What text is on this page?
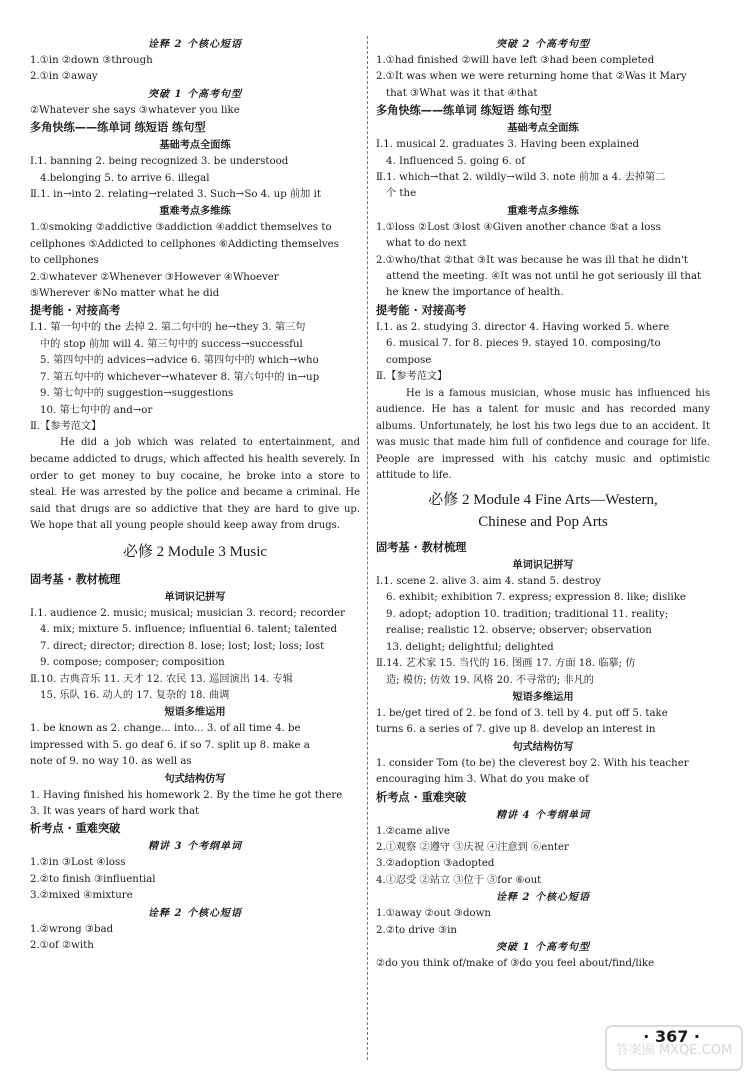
诠释 2 个核心短语
1.①in ②down ③through
2.①in ②away
突破 1 个高考句型
②Whatever she says ③whatever you like
多角快练——练单词 练短语 练句型
基础考点全面练
Ⅰ.1. banning 2. being recognized 3. be understood
4.belonging 5. to arrive 6. illegal
Ⅱ.1. in→into 2. relating→related 3. Such→So 4. up 前加 it
重难考点多维练
1.①smoking ②addictive ③addiction ④addict themselves to
cellphones ⑤Addicted to cellphones ⑥Addicting themselves
to cellphones
2.①whatever ②Whenever ③However ④Whoever
⑤Wherever ⑥No matter what he did
提考能 · 对接高考
Ⅰ.1. 第一句中的 the 去掉 2. 第二句中的 he→they 3. 第三句
中的 stop 前加 will 4. 第三句中的 success→successful
5. 第四句中的 advices→advice 6. 第四句中的 which→who
7. 第五句中的 whichever→whatever 8. 第六句中的 in→up
9. 第七句中的 suggestion→suggestions
10. 第七句中的 and→or
Ⅱ.【参考范文】
He did a job which was related to entertainment, and became addicted to drugs, which affected his health severely. In order to get money to buy cocaine, he broke into a store to steal. He was arrested by the police and became a criminal. He said that drugs are so addictive that they are hard to give up. We hope that all young people should keep away from drugs.
必修 2 Module 3 Music
固考基 · 教材梳理
单词识记拼写
Ⅰ.1. audience 2. music; musical; musician 3. record; recorder
4. mix; mixture 5. influence; influential 6. talent; talented
7. direct; director; direction 8. lose; lost; lost; loss; lost
9. compose; composer; composition
Ⅱ.10. 古典音乐 11. 天才 12. 农民 13. 巡回演出 14. 专辑
15. 乐队 16. 动人的 17. 复杂的 18. 曲调
短语多维运用
1. be known as 2. change... into... 3. of all time 4. be
impressed with 5. go deaf 6. if so 7. split up 8. make a
note of 9. no way 10. as well as
句式结构仿写
1. Having finished his homework 2. By the time he got there
3. It was years of hard work that
析考点 · 重难突破
精讲 3 个考纲单词
1.②in ③Lost ④loss
2.②to finish ③influential
3.②mixed ④mixture
诠释 2 个核心短语
1.②wrong ③bad
2.①of ②with
突破 2 个高考句型
1.①had finished ②will have left ③had been completed
2.①It was when we were returning home that ②Was it Mary
that ③What was it that ④that
多角快练——练单词 练短语 练句型
基础考点全面练
Ⅰ.1. musical 2. graduates 3. Having been explained
4. Influenced 5. going 6. of
Ⅱ.1. which→that 2. wildly→wild 3. note 前加 a 4. 去掉第二
个 the
重难考点多维练
1.①loss ②Lost ③lost ④Given another chance ⑤at a loss
what to do next
2.①who/that ②that ③It was because he was ill that he didn't
attend the meeting. ④It was not until he got seriously ill that
he knew the importance of health.
提考能 · 对接高考
Ⅰ.1. as 2. studying 3. director 4. Having worked 5. where
6. musical 7. for 8. pieces 9. stayed 10. composing/to
compose
Ⅱ.【参考范文】
He is a famous musician, whose music has influenced his audience. He has a talent for music and has recorded many albums. Unfortunately, he lost his two legs due to an accident. It was music that made him full of confidence and courage for life. People are impressed with his catchy music and optimistic attitude to life.
必修 2 Module 4 Fine Arts—Western,
Chinese and Pop Arts
固考基 · 教材梳理
单词识记拼写
Ⅰ.1. scene 2. alive 3. aim 4. stand 5. destroy
6. exhibit; exhibition 7. express; expression 8. like; dislike
9. adopt; adoption 10. tradition; traditional 11. reality;
realise; realistic 12. observe; observer; observation
13. delight; delightful; delighted
Ⅱ.14. 艺术家 15. 当代的 16. 图画 17. 方面 18. 临摹; 仿
造; 模仿; 仿效 19. 风格 20. 不寻常的; 非凡的
短语多维运用
1. be/get tired of 2. be fond of 3. tell by 4. put off 5. take
turns 6. a series of 7. give up 8. develop an interest in
句式结构仿写
1. consider Tom (to be) the cleverest boy 2. With his teacher
encouraging him 3. What do you make of
析考点 · 重难突破
精讲 4 个考纲单词
1.②came alive
2.①观察 ②遵守 ③庆祝 ④注意到 ⑥enter
3.②adoption ③adopted
4.①忍受 ②站立 ③位于 ⑤for ⑥out
诠释 2 个核心短语
1.①away ②out ③down
2.②to drive ③in
突破 1 个高考句型
②do you think of/make of ③do you feel about/find/like
· 367 ·
答案圈 MXQE.COM
